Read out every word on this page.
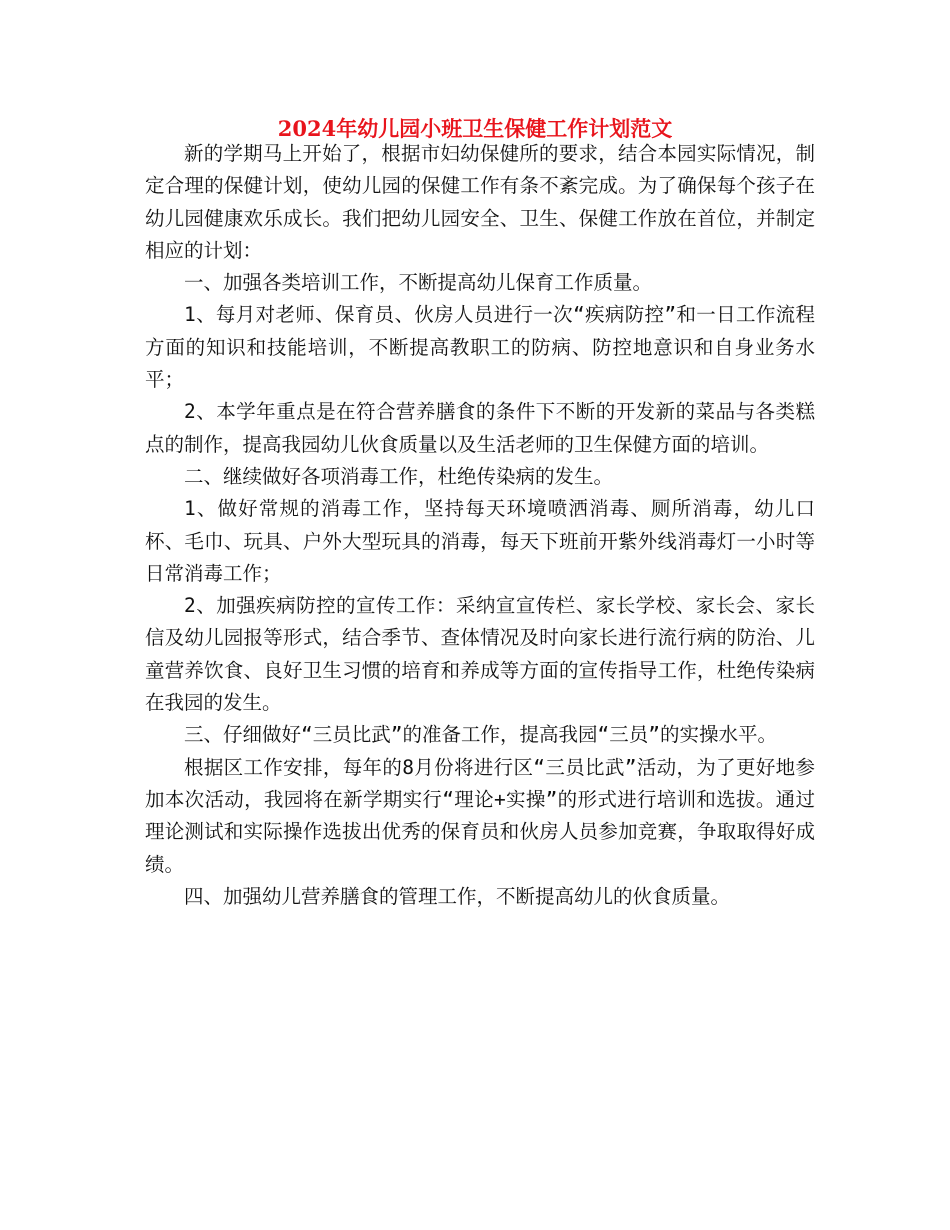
2024年幼儿园小班卫生保健工作计划范文

新的学期马上开始了，根据市妇幼保健所的要求，结合本园实际情况，制定合理的保健计划，使幼儿园的保健工作有条不紊完成。为了确保每个孩子在幼儿园健康欢乐成长。我们把幼儿园安全、卫生、保健工作放在首位，并制定相应的计划：

一、加强各类培训工作，不断提高幼儿保育工作质量。

1、每月对老师、保育员、伙房人员进行一次“疾病防控”和一日工作流程方面的知识和技能培训，不断提高教职工的防病、防控地意识和自身业务水平；

2、本学年重点是在符合营养膳食的条件下不断的开发新的菜品与各类糕点的制作，提高我园幼儿伙食质量以及生活老师的卫生保健方面的培训。

二、继续做好各项消毒工作，杜绝传染病的发生。

1、做好常规的消毒工作，坚持每天环境喷洒消毒、厕所消毒，幼儿口杯、毛巾、玩具、户外大型玩具的消毒，每天下班前开紫外线消毒灯一小时等日常消毒工作；

2、加强疾病防控的宣传工作：采纳宣宣传栏、家长学校、家长会、家长信及幼儿园报等形式，结合季节、查体情况及时向家长进行流行病的防治、儿童营养饮食、良好卫生习惯的培育和养成等方面的宣传指导工作，杜绝传染病在我园的发生。

三、仔细做好“三员比武”的准备工作，提高我园“三员”的实操水平。

根据区工作安排，每年的8月份将进行区“三员比武”活动，为了更好地参加本次活动，我园将在新学期实行“理论+实操”的形式进行培训和选拔。通过理论测试和实际操作选拔出优秀的保育员和伙房人员参加竞赛，争取取得好成绩。

四、加强幼儿营养膳食的管理工作，不断提高幼儿的伙食质量。
